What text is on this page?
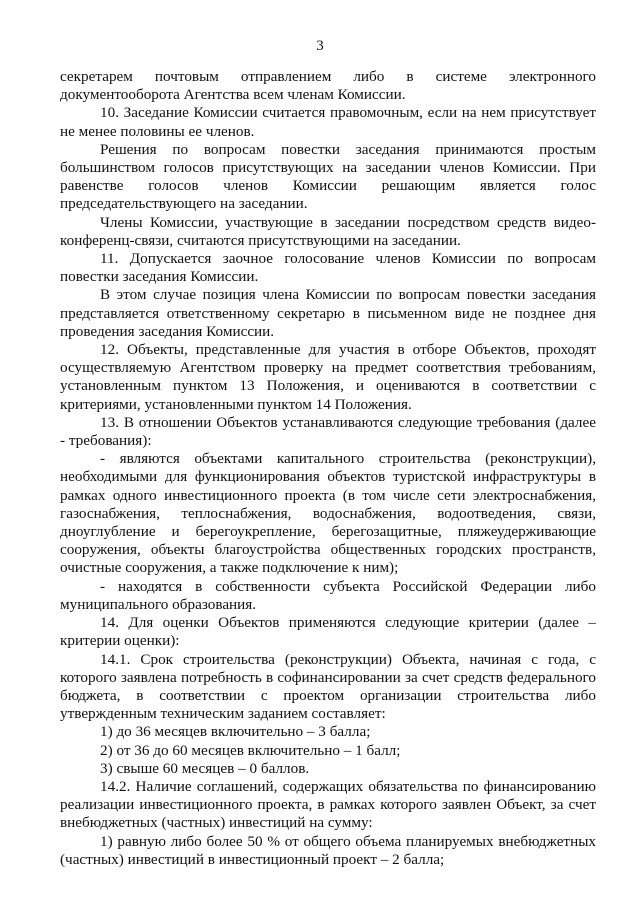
3

секретарем почтовым отправлением либо в системе электронного документооборота Агентства всем членам Комиссии.

10. Заседание Комиссии считается правомочным, если на нем присутствует не менее половины ее членов.

Решения по вопросам повестки заседания принимаются простым большинством голосов присутствующих на заседании членов Комиссии. При равенстве голосов членов Комиссии решающим является голос председательствующего на заседании.

Члены Комиссии, участвующие в заседании посредством средств видео-конференц-связи, считаются присутствующими на заседании.

11. Допускается заочное голосование членов Комиссии по вопросам повестки заседания Комиссии.

В этом случае позиция члена Комиссии по вопросам повестки заседания представляется ответственному секретарю в письменном виде не позднее дня проведения заседания Комиссии.

12. Объекты, представленные для участия в отборе Объектов, проходят осуществляемую Агентством проверку на предмет соответствия требованиям, установленным пунктом 13 Положения, и оцениваются в соответствии с критериями, установленными пунктом 14 Положения.

13. В отношении Объектов устанавливаются следующие требования (далее - требования):

- являются объектами капитального строительства (реконструкции), необходимыми для функционирования объектов туристской инфраструктуры в рамках одного инвестиционного проекта (в том числе сети электроснабжения, газоснабжения, теплоснабжения, водоснабжения, водоотведения, связи, дноуглубление и берегоукрепление, берегозащитные, пляжеудерживающие сооружения, объекты благоустройства общественных городских пространств, очистные сооружения, а также подключение к ним);

- находятся в собственности субъекта Российской Федерации либо муниципального образования.

14. Для оценки Объектов применяются следующие критерии (далее – критерии оценки):

14.1. Срок строительства (реконструкции) Объекта, начиная с года, с которого заявлена потребность в софинансировании за счет средств федерального бюджета, в соответствии с проектом организации строительства либо утвержденным техническим заданием составляет:

1) до 36 месяцев включительно – 3 балла;

2) от 36 до 60 месяцев включительно – 1 балл;

3) свыше 60 месяцев – 0 баллов.

14.2. Наличие соглашений, содержащих обязательства по финансированию реализации инвестиционного проекта, в рамках которого заявлен Объект, за счет внебюджетных (частных) инвестиций на сумму:

1) равную либо более 50 % от общего объема планируемых внебюджетных (частных) инвестиций в инвестиционный проект – 2 балла;
